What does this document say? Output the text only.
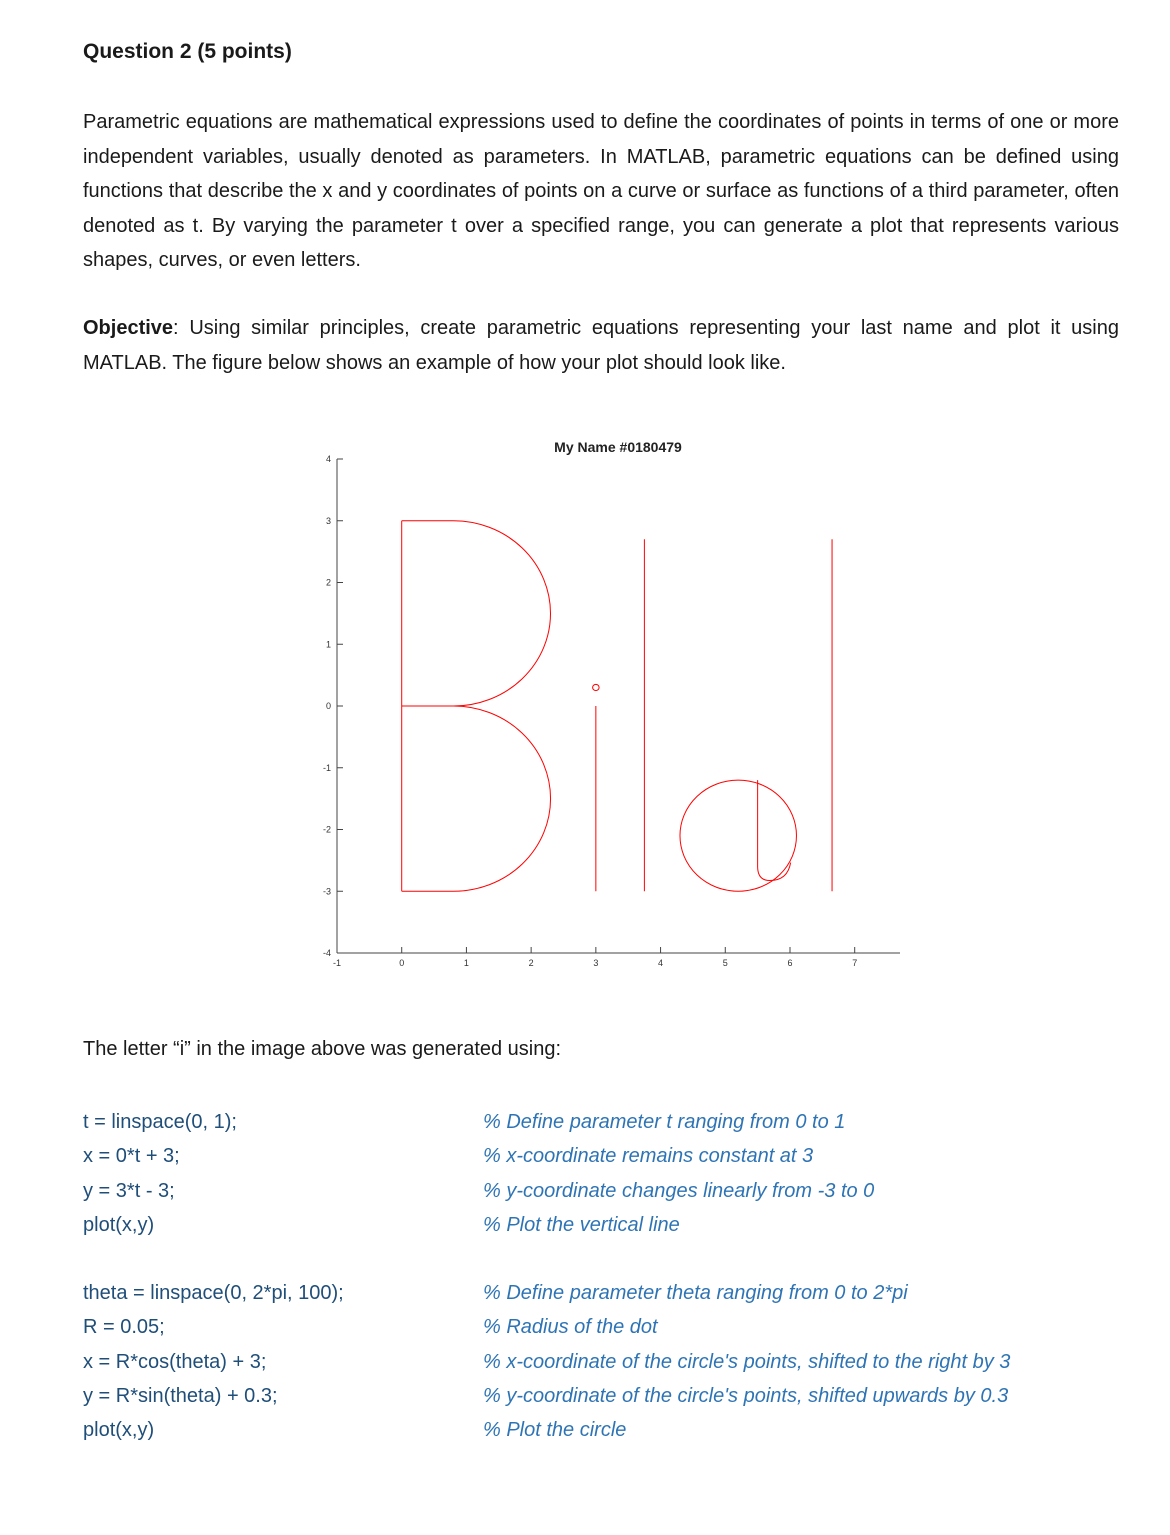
Question 2 (5 points)
Parametric equations are mathematical expressions used to define the coordinates of points in terms of one or more independent variables, usually denoted as parameters. In MATLAB, parametric equations can be defined using functions that describe the x and y coordinates of points on a curve or surface as functions of a third parameter, often denoted as t. By varying the parameter t over a specified range, you can generate a plot that represents various shapes, curves, or even letters.
Objective: Using similar principles, create parametric equations representing your last name and plot it using MATLAB. The figure below shows an example of how your plot should look like.
4
3
2
1
0
-1
-2
-3
-4
-1	0	1	2	3	4	5	6	7
My Name #0180479
The letter “i” in the image above was generated using:
t = linspace(0, 1);	% Define parameter t ranging from 0 to 1
x = 0*t + 3;	% x-coordinate remains constant at 3
y = 3*t - 3;	% y-coordinate changes linearly from -3 to 0
plot(x,y)	% Plot the vertical line
theta = linspace(0, 2*pi, 100);	% Define parameter theta ranging from 0 to 2*pi
R = 0.05;	% Radius of the dot
x = R*cos(theta) + 3;	% x-coordinate of the circle's points, shifted to the right by 3
y = R*sin(theta) + 0.3;	% y-coordinate of the circle's points, shifted upwards by 0.3
plot(x,y)	% Plot the circle
